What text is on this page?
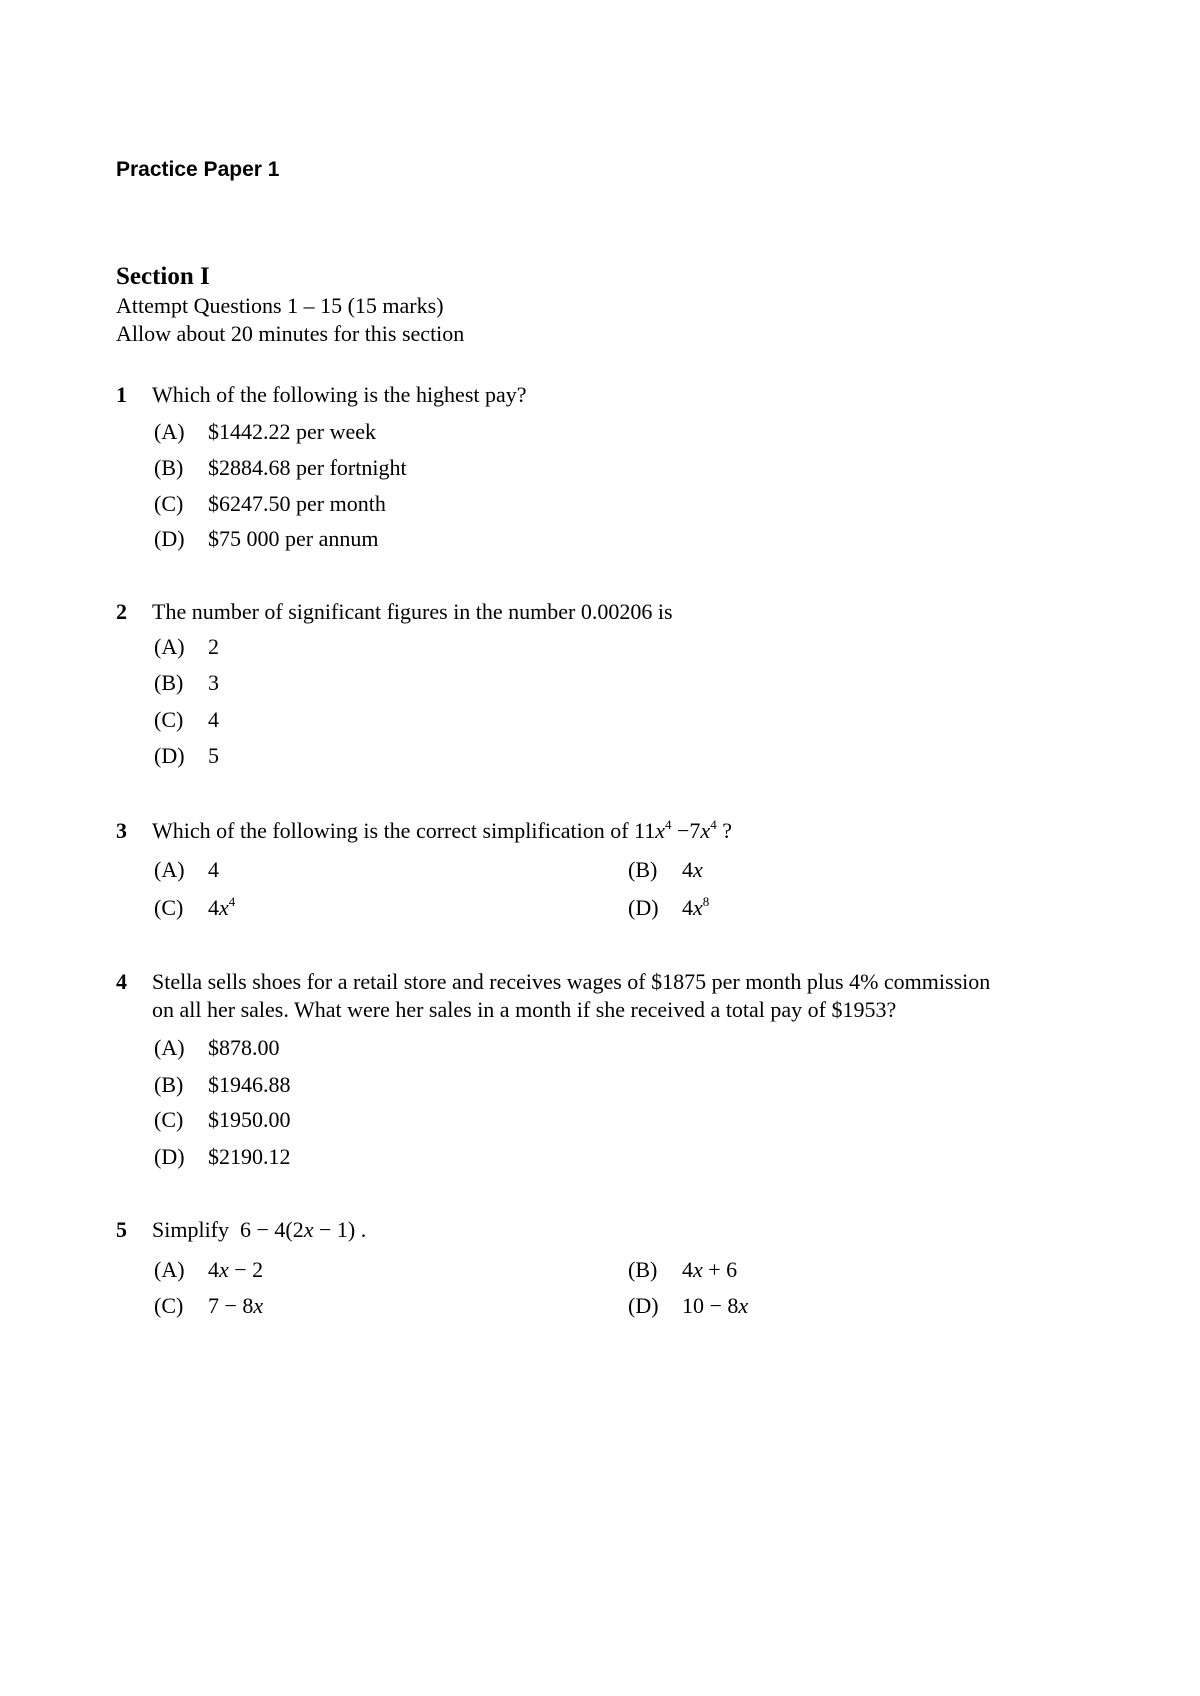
Practice Paper 1
Section I

Attempt Questions 1 – 15 (15 marks)

Allow about 20 minutes for this section

1 Which of the following is the highest pay?
(A) $1442.22 per week
(B) $2884.68 per fortnight
(C) $6247.50 per month
(D) $75 000 per annum
2 The number of significant figures in the number 0.00206 is
(A) 2
(B) 3
(C) 4
(D) 5
3 Which of the following is the correct simplification of $11x^4 -7x^4$ ?
(A) 4	(B) 4x
(C) $4x^4$	(D) $4x^8$
4 Stella sells shoes for a retail store and receives wages of $1875 per month plus 4% commission
on all her sales. What were her sales in a month if she received a total pay of $1953?
(A) $878.00
(B) $1946.88
(C) $1950.00
(D) $2190.12
5 Simplify 6 − 4(2x − 1) .
(A) 4x − 2	(B) 4x + 6
(C) 7 − 8x	(D) 10 − 8x
